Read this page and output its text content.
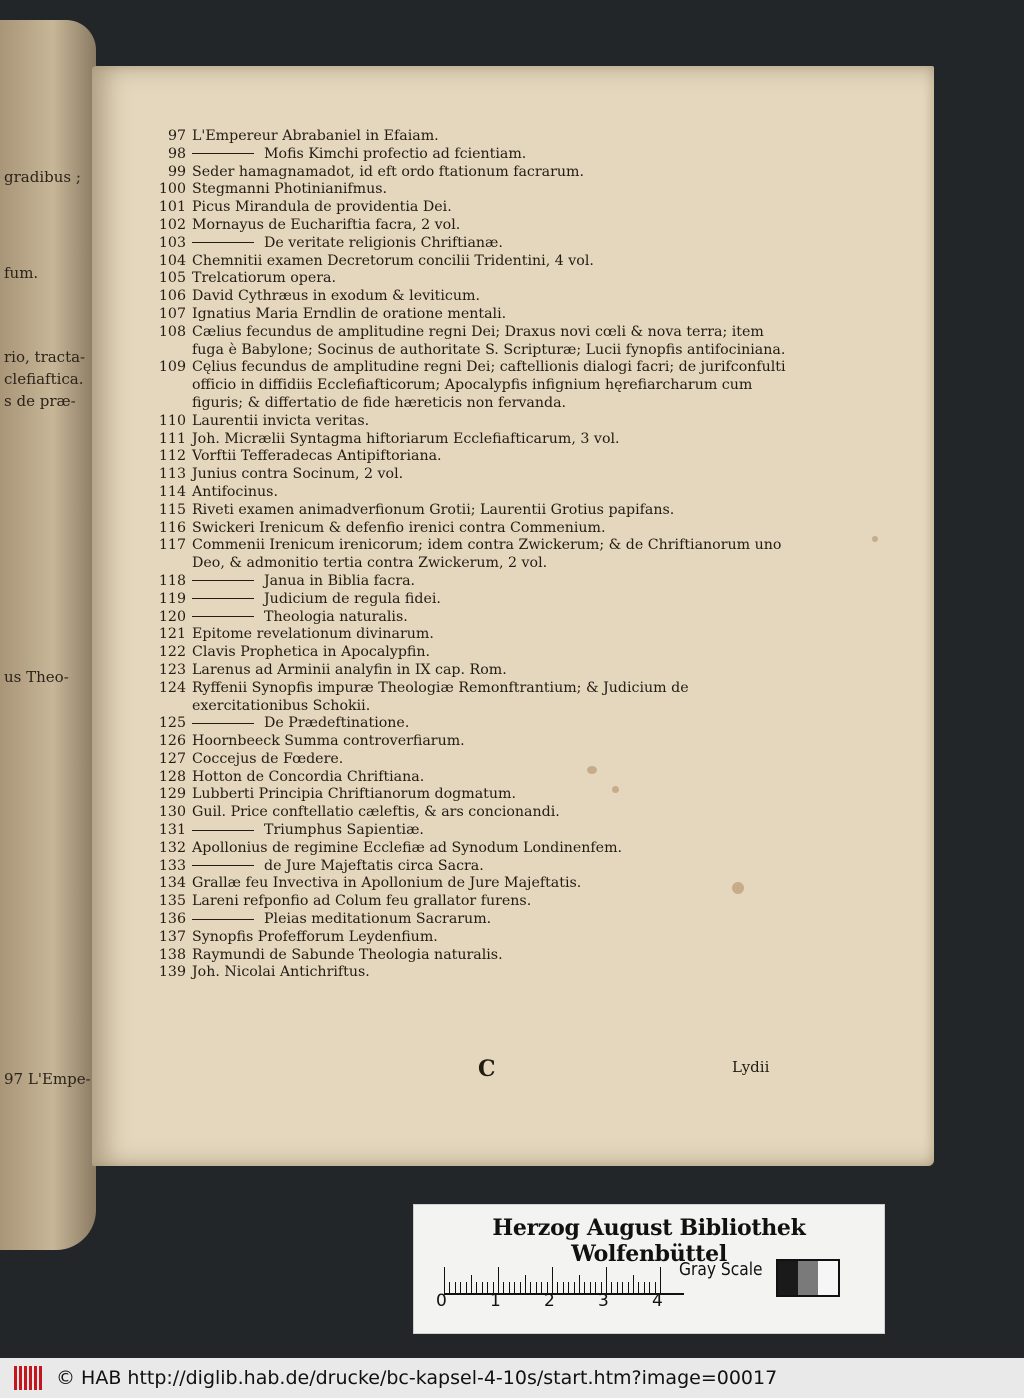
gradibus ;
fum.
rio, tracta-
clefiaftica.
s de præ-
us Theo-
97 L'Empe-
97 L'Empereur Abrabaniel in Efaiam.
98	Mofis Kimchi profectio ad fcientiam.
99 Seder hamagnamadot, id eft ordo ftationum facrarum.
100 Stegmanni Photinianifmus.
101 Picus Mirandula de providentia Dei.
102 Mornayus de Euchariftia facra, 2 vol.
103	De veritate religionis Chriftianæ.
104 Chemnitii examen Decretorum concilii Tridentini, 4 vol.
105 Trelcatiorum opera.
106 David Cythræus in exodum & leviticum.
107 Ignatius Maria Erndlin de oratione mentali.
108 Cælius fecundus de amplitudine regni Dei; Draxus novi cœli & nova terra; item fuga è Babylone; Socinus de authoritate S. Scripturæ; Lucii fynopfis antifociniana.
109 Cęlius fecundus de amplitudine regni Dei; caftellionis dialogi facri; de jurifconfulti officio in diffidiis Ecclefiafticorum; Apocalypfis infignium hęrefiarcharum cum figuris; & differtatio de fide hæreticis non fervanda.
110 Laurentii invicta veritas.
111 Joh. Micrælii Syntagma hiftoriarum Ecclefiafticarum, 3 vol.
112 Vorftii Tefferadecas Antipiftoriana.
113 Junius contra Socinum, 2 vol.
114 Antifocinus.
115 Riveti examen animadverfionum Grotii; Laurentii Grotius papifans.
116 Swickeri Irenicum & defenfio irenici contra Commenium.
117 Commenii Irenicum irenicorum; idem contra Zwickerum; & de Chriftianorum uno Deo, & admonitio tertia contra Zwickerum, 2 vol.
118	Janua in Biblia facra.
119	Judicium de regula fidei.
120	Theologia naturalis.
121 Epitome revelationum divinarum.
122 Clavis Prophetica in Apocalypfin.
123 Larenus ad Arminii analyfin in IX cap. Rom.
124 Ryffenii Synopfis impuræ Theologiæ Remonftrantium; & Judicium de exercitationibus Schokii.
125	De Prædeftinatione.
126 Hoornbeeck Summa controverfiarum.
127 Coccejus de Fœdere.
128 Hotton de Concordia Chriftiana.
129 Lubberti Principia Chriftianorum dogmatum.
130 Guil. Price conftellatio cæleftis, & ars concionandi.
131	Triumphus Sapientiæ.
132 Apollonius de regimine Ecclefiæ ad Synodum Londinenfem.
133	de Jure Majeftatis circa Sacra.
134 Grallæ feu Invectiva in Apollonium de Jure Majeftatis.
135 Lareni refponfio ad Colum feu grallator furens.
136	Pleias meditationum Sacrarum.
137 Synopfis Profefforum Leydenfium.
138 Raymundi de Sabunde Theologia naturalis.
139 Joh. Nicolai Antichriftus.
C	Lydii
Herzog August Bibliothek Wolfenbüttel
0	1	2	3	4
Gray Scale
© HAB http://diglib.hab.de/drucke/bc-kapsel-4-10s/start.htm?image=00017
